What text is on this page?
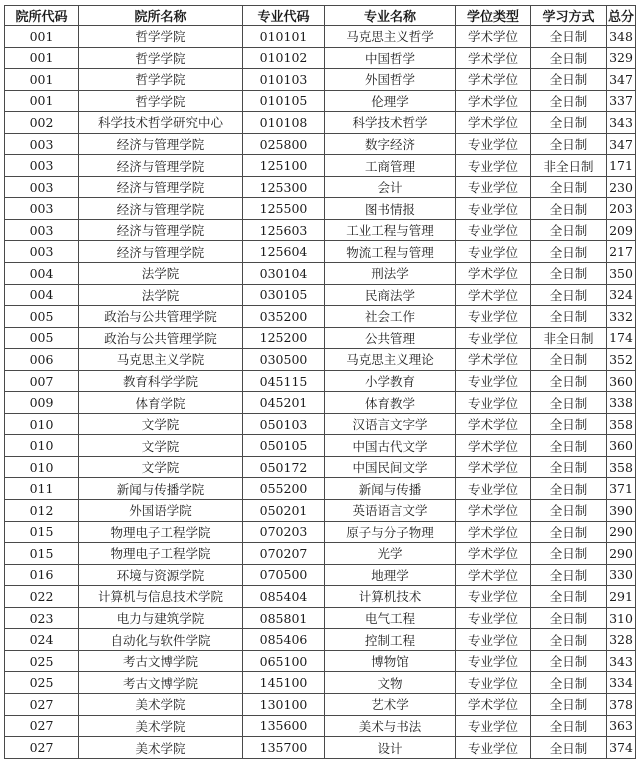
院所代码	院所名称	专业代码	专业名称	学位类型	学习方式	总分
001	哲学学院	010101	马克思主义哲学	学术学位	全日制	348
001	哲学学院	010102	中国哲学	学术学位	全日制	329
001	哲学学院	010103	外国哲学	学术学位	全日制	347
001	哲学学院	010105	伦理学	学术学位	全日制	337
002	科学技术哲学研究中心	010108	科学技术哲学	学术学位	全日制	343
003	经济与管理学院	025800	数字经济	专业学位	全日制	347
003	经济与管理学院	125100	工商管理	专业学位	非全日制	171
003	经济与管理学院	125300	会计	专业学位	全日制	230
003	经济与管理学院	125500	图书情报	专业学位	全日制	203
003	经济与管理学院	125603	工业工程与管理	专业学位	全日制	209
003	经济与管理学院	125604	物流工程与管理	专业学位	全日制	217
004	法学院	030104	刑法学	学术学位	全日制	350
004	法学院	030105	民商法学	学术学位	全日制	324
005	政治与公共管理学院	035200	社会工作	专业学位	全日制	332
005	政治与公共管理学院	125200	公共管理	专业学位	非全日制	174
006	马克思主义学院	030500	马克思主义理论	学术学位	全日制	352
007	教育科学学院	045115	小学教育	专业学位	全日制	360
009	体育学院	045201	体育教学	专业学位	全日制	338
010	文学院	050103	汉语言文字学	学术学位	全日制	358
010	文学院	050105	中国古代文学	学术学位	全日制	360
010	文学院	050172	中国民间文学	学术学位	全日制	358
011	新闻与传播学院	055200	新闻与传播	专业学位	全日制	371
012	外国语学院	050201	英语语言文学	学术学位	全日制	390
015	物理电子工程学院	070203	原子与分子物理	学术学位	全日制	290
015	物理电子工程学院	070207	光学	学术学位	全日制	290
016	环境与资源学院	070500	地理学	学术学位	全日制	330
022	计算机与信息技术学院	085404	计算机技术	专业学位	全日制	291
023	电力与建筑学院	085801	电气工程	专业学位	全日制	310
024	自动化与软件学院	085406	控制工程	专业学位	全日制	328
025	考古文博学院	065100	博物馆	专业学位	全日制	343
025	考古文博学院	145100	文物	专业学位	全日制	334
027	美术学院	130100	艺术学	学术学位	全日制	378
027	美术学院	135600	美术与书法	专业学位	全日制	363
027	美术学院	135700	设计	专业学位	全日制	374
